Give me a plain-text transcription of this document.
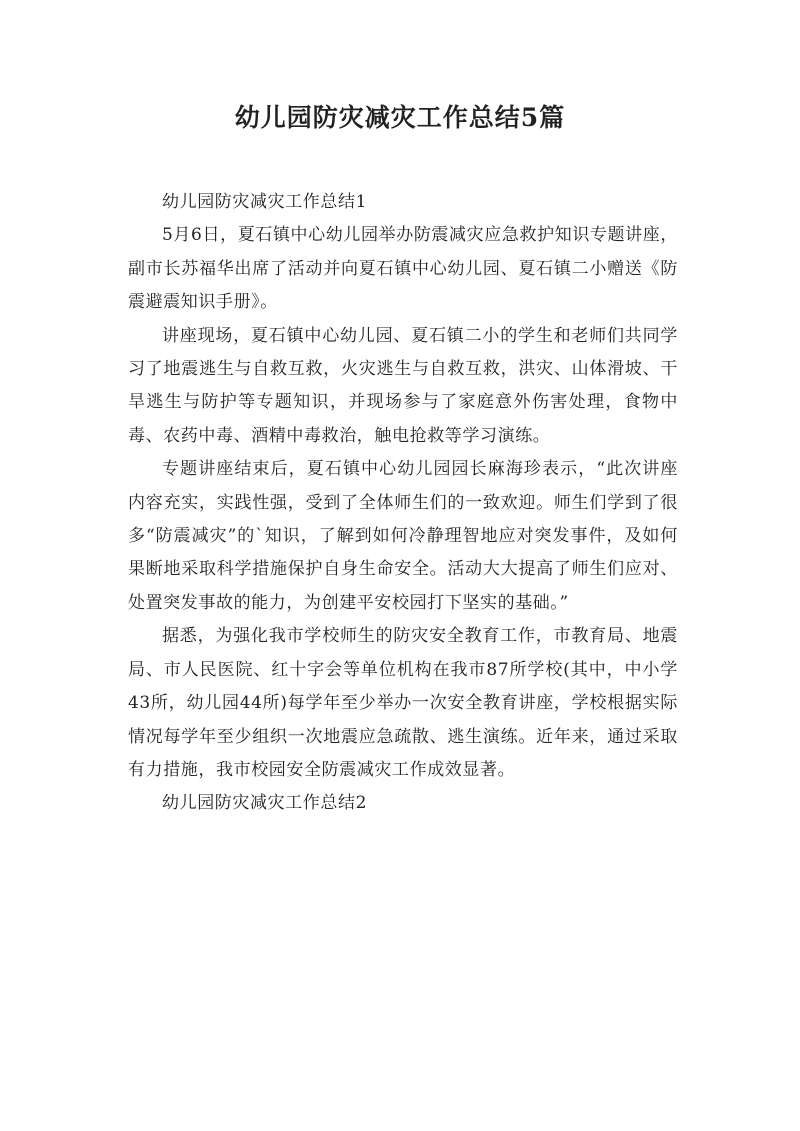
幼儿园防灾减灾工作总结5篇

幼儿园防灾减灾工作总结1

5月6日，夏石镇中心幼儿园举办防震减灾应急救护知识专题讲座，副市长苏福华出席了活动并向夏石镇中心幼儿园、夏石镇二小赠送《防震避震知识手册》。

讲座现场，夏石镇中心幼儿园、夏石镇二小的学生和老师们共同学习了地震逃生与自救互救，火灾逃生与自救互救，洪灾、山体滑坡、干旱逃生与防护等专题知识，并现场参与了家庭意外伤害处理，食物中毒、农药中毒、酒精中毒救治，触电抢救等学习演练。

专题讲座结束后，夏石镇中心幼儿园园长麻海珍表示，“此次讲座内容充实，实践性强，受到了全体师生们的一致欢迎。师生们学到了很多“防震减灾”的`知识，了解到如何冷静理智地应对突发事件，及如何果断地采取科学措施保护自身生命安全。活动大大提高了师生们应对、处置突发事故的能力，为创建平安校园打下坚实的基础。”

据悉，为强化我市学校师生的防灾安全教育工作，市教育局、地震局、市人民医院、红十字会等单位机构在我市87所学校(其中，中小学43所，幼儿园44所)每学年至少举办一次安全教育讲座，学校根据实际情况每学年至少组织一次地震应急疏散、逃生演练。近年来，通过采取有力措施，我市校园安全防震减灾工作成效显著。

幼儿园防灾减灾工作总结2
